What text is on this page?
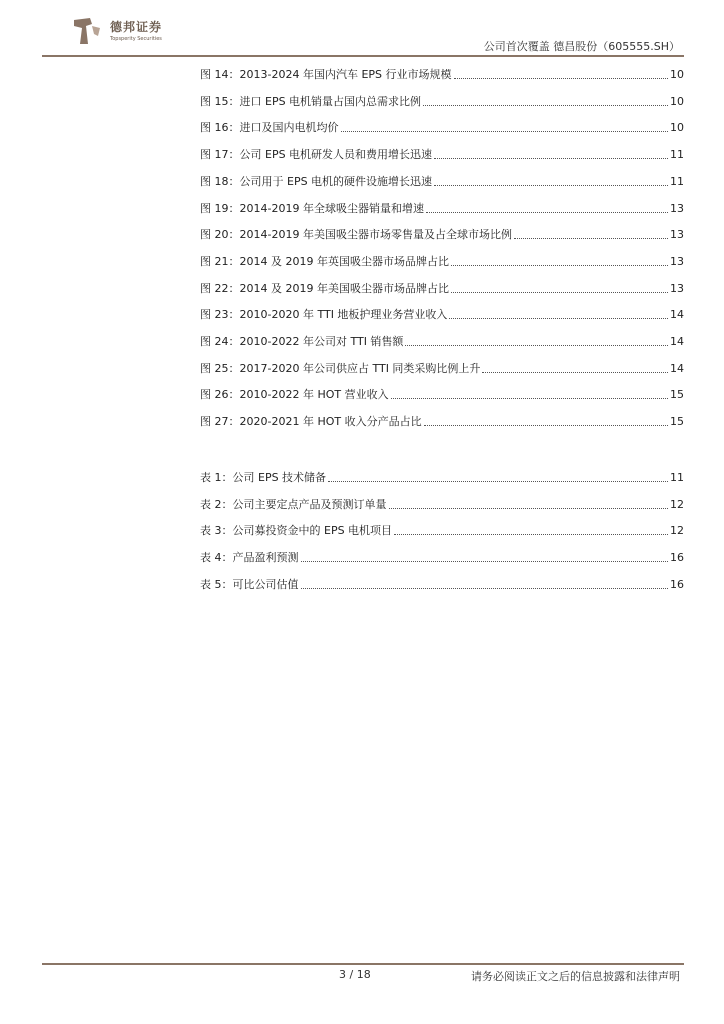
德邦证券
Topsperity Securities
公司首次覆盖 德昌股份（605555.SH）
图 14：2013-2024 年国内汽车 EPS 行业市场规模	10
图 15：进口 EPS 电机销量占国内总需求比例	10
图 16：进口及国内电机均价	10
图 17：公司 EPS 电机研发人员和费用增长迅速	11
图 18：公司用于 EPS 电机的硬件设施增长迅速	11
图 19：2014-2019 年全球吸尘器销量和增速	13
图 20：2014-2019 年美国吸尘器市场零售量及占全球市场比例	13
图 21：2014 及 2019 年英国吸尘器市场品牌占比	13
图 22：2014 及 2019 年美国吸尘器市场品牌占比	13
图 23：2010-2020 年 TTI 地板护理业务营业收入	14
图 24：2010-2022 年公司对 TTI 销售额	14
图 25：2017-2020 年公司供应占 TTI 同类采购比例上升	14
图 26：2010-2022 年 HOT 营业收入	15
图 27：2020-2021 年 HOT 收入分产品占比	15
表 1：公司 EPS 技术储备	11
表 2：公司主要定点产品及预测订单量	12
表 3：公司募投资金中的 EPS 电机项目	12
表 4：产品盈利预测	16
表 5：可比公司估值	16
3 / 18	请务必阅读正文之后的信息披露和法律声明
